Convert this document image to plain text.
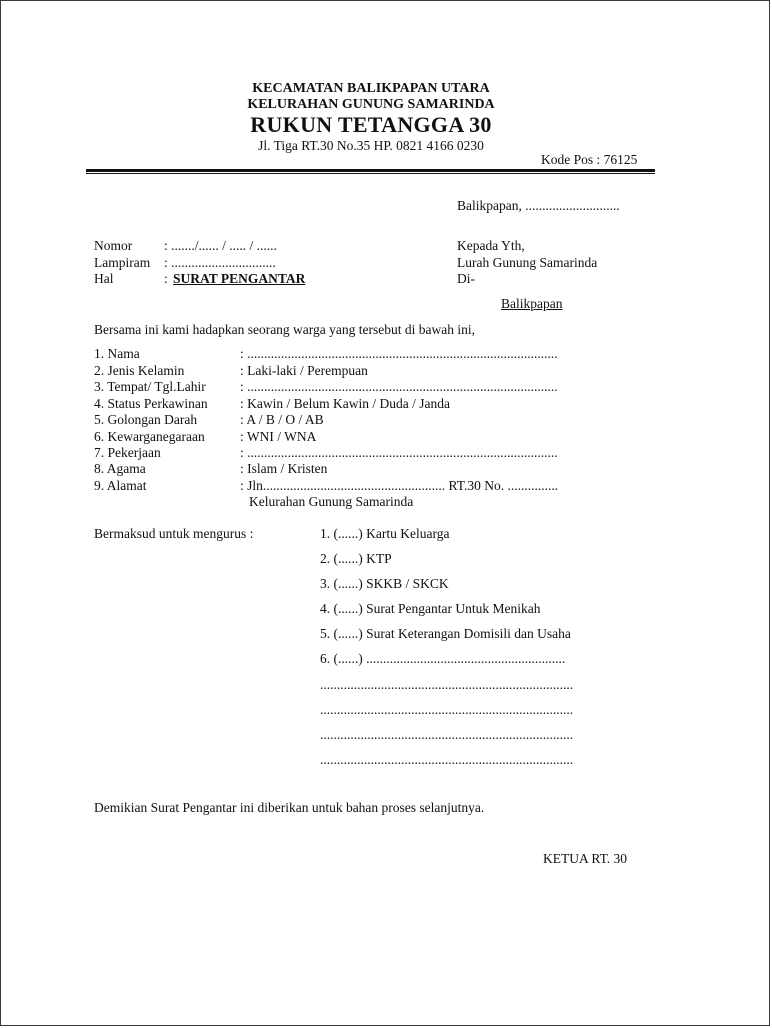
KECAMATAN BALIKPAPAN UTARA
KELURAHAN GUNUNG SAMARINDA
RUKUN TETANGGA 30
Jl. Tiga RT.30 No.35 HP. 0821 4166 0230
Kode Pos : 76125
Balikpapan, ............................
Nomor : ......./...... / ..... / ......
Lampiram : ...............................
Hal	: SURAT PENGANTAR
Kepada Yth,
Lurah Gunung Samarinda
Di-
Balikpapan
Bersama ini kami hadapkan seorang warga yang tersebut di bawah ini,
1. Nama	: ............................................................................................
2. Jenis Kelamin	: Laki-laki / Perempuan
3. Tempat/ Tgl.Lahir	: ............................................................................................
4. Status Perkawinan : Kawin / Belum Kawin / Duda / Janda
5. Golongan Darah	: A / B / O / AB
6. Kewarganegaraan	: WNI / WNA
7. Pekerjaan	: ............................................................................................
8. Agama	: Islam / Kristen
9. Alamat	: Jln...................................................... RT.30 No. ...............
Kelurahan Gunung Samarinda
Bermaksud untuk mengurus :	1. (......) Kartu Keluarga
2. (......) KTP
3. (......) SKKB / SKCK
4. (......) Surat Pengantar Untuk Menikah
5. (......) Surat Keterangan Domisili dan Usaha
6. (......) ...........................................................
...........................................................................
...........................................................................
...........................................................................
...........................................................................
Demikian Surat Pengantar ini diberikan untuk bahan proses selanjutnya.
KETUA RT. 30
